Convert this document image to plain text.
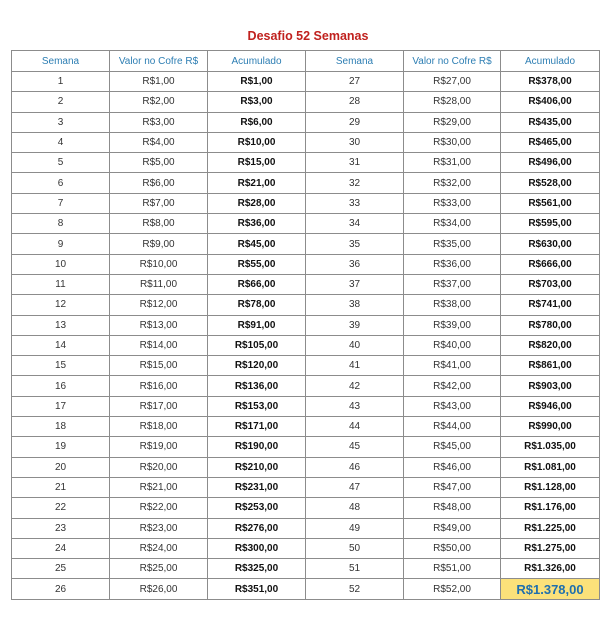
Desafio 52 Semanas
Semana	Valor no Cofre R$	Acumulado	Semana	Valor no Cofre R$	Acumulado
1	R$1,00	R$1,00	27	R$27,00	R$378,00
2	R$2,00	R$3,00	28	R$28,00	R$406,00
3	R$3,00	R$6,00	29	R$29,00	R$435,00
4	R$4,00	R$10,00	30	R$30,00	R$465,00
5	R$5,00	R$15,00	31	R$31,00	R$496,00
6	R$6,00	R$21,00	32	R$32,00	R$528,00
7	R$7,00	R$28,00	33	R$33,00	R$561,00
8	R$8,00	R$36,00	34	R$34,00	R$595,00
9	R$9,00	R$45,00	35	R$35,00	R$630,00
10	R$10,00	R$55,00	36	R$36,00	R$666,00
11	R$11,00	R$66,00	37	R$37,00	R$703,00
12	R$12,00	R$78,00	38	R$38,00	R$741,00
13	R$13,00	R$91,00	39	R$39,00	R$780,00
14	R$14,00	R$105,00	40	R$40,00	R$820,00
15	R$15,00	R$120,00	41	R$41,00	R$861,00
16	R$16,00	R$136,00	42	R$42,00	R$903,00
17	R$17,00	R$153,00	43	R$43,00	R$946,00
18	R$18,00	R$171,00	44	R$44,00	R$990,00
19	R$19,00	R$190,00	45	R$45,00	R$1.035,00
20	R$20,00	R$210,00	46	R$46,00	R$1.081,00
21	R$21,00	R$231,00	47	R$47,00	R$1.128,00
22	R$22,00	R$253,00	48	R$48,00	R$1.176,00
23	R$23,00	R$276,00	49	R$49,00	R$1.225,00
24	R$24,00	R$300,00	50	R$50,00	R$1.275,00
25	R$25,00	R$325,00	51	R$51,00	R$1.326,00
26	R$26,00	R$351,00	52	R$52,00	R$1.378,00
